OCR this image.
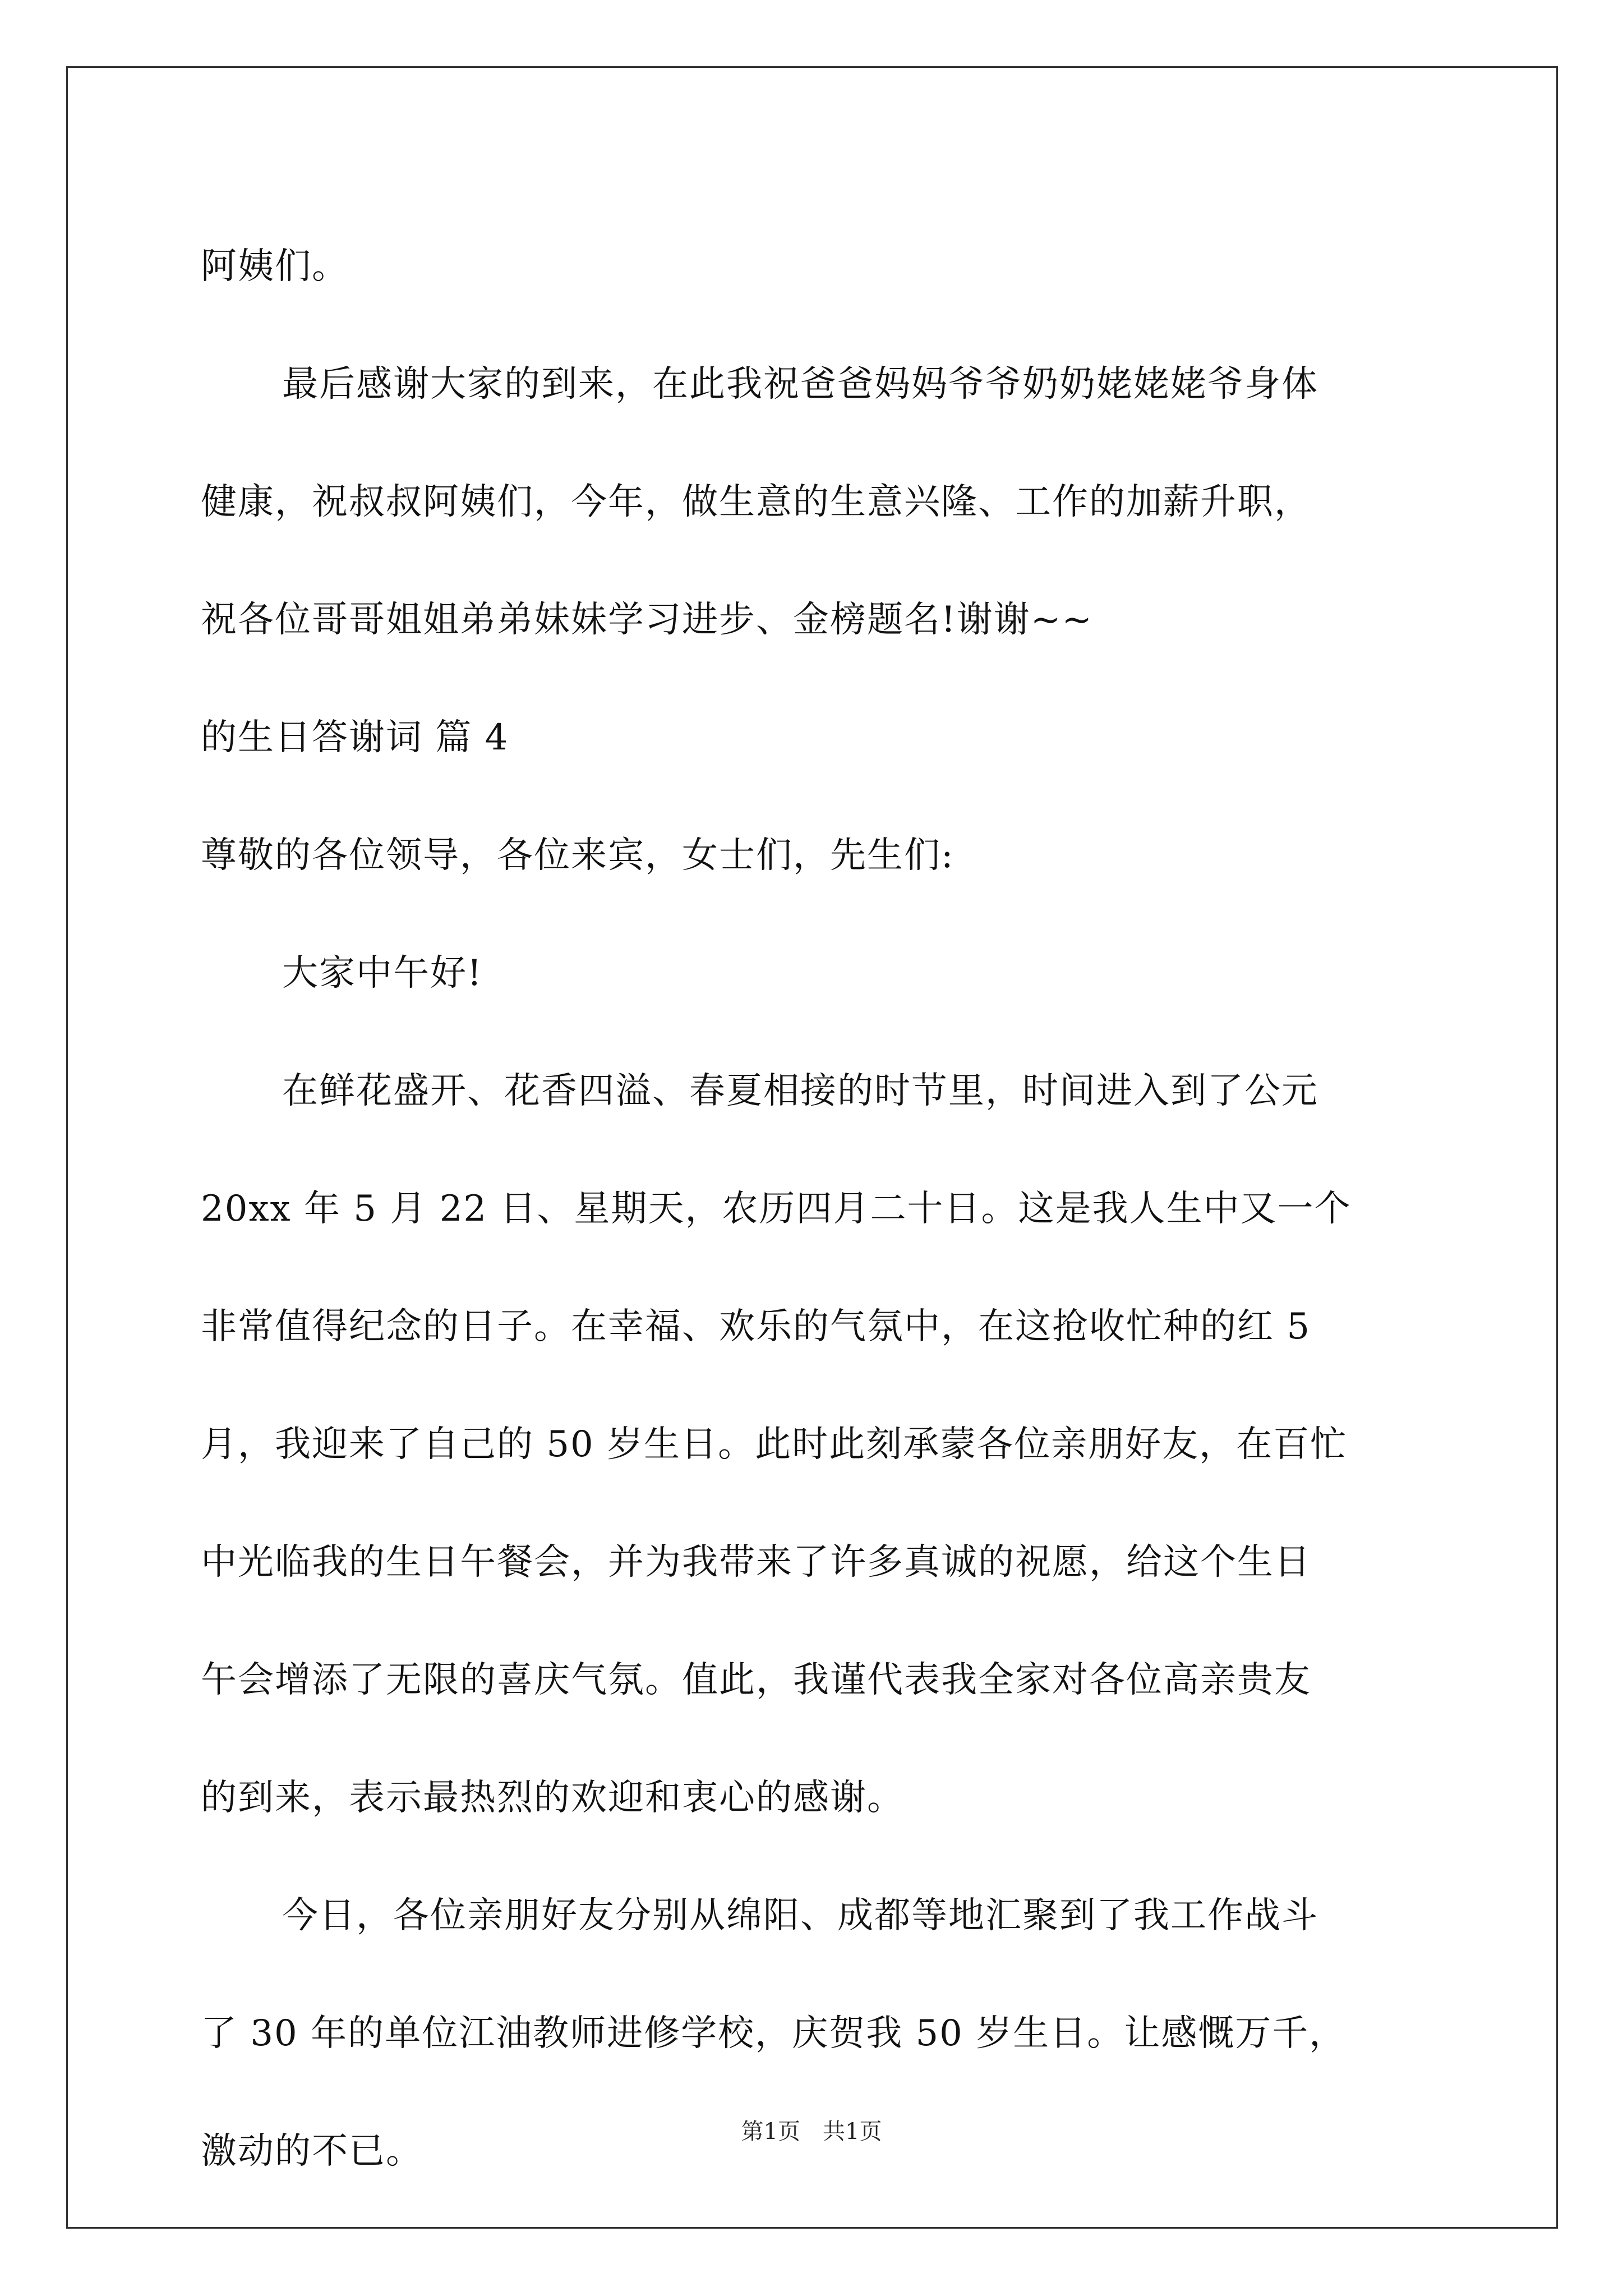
阿姨们。
最后感谢大家的到来，在此我祝爸爸妈妈爷爷奶奶姥姥姥爷身体
健康，祝叔叔阿姨们，今年，做生意的生意兴隆、工作的加薪升职，
祝各位哥哥姐姐弟弟妹妹学习进步、金榜题名!谢谢~~
的生日答谢词 篇 4
尊敬的各位领导，各位来宾，女士们，先生们:
大家中午好!
在鲜花盛开、花香四溢、春夏相接的时节里，时间进入到了公元
20xx 年 5 月 22 日、星期天，农历四月二十日。这是我人生中又一个
非常值得纪念的日子。在幸福、欢乐的气氛中，在这抢收忙种的红 5
月，我迎来了自己的 50 岁生日。此时此刻承蒙各位亲朋好友，在百忙
中光临我的生日午餐会，并为我带来了许多真诚的祝愿，给这个生日
午会增添了无限的喜庆气氛。值此，我谨代表我全家对各位高亲贵友
的到来，表示最热烈的欢迎和衷心的感谢。
今日，各位亲朋好友分别从绵阳、成都等地汇聚到了我工作战斗
了 30 年的单位江油教师进修学校，庆贺我 50 岁生日。让感慨万千，
激动的不已。	第1页 共1页
